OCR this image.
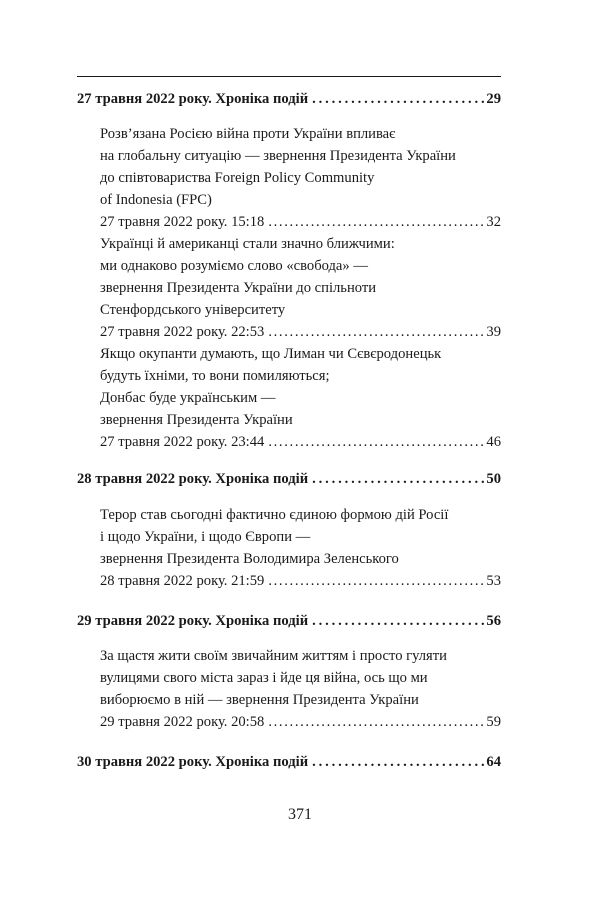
27 травня 2022 року. Хроніка подій . . .	29
Розв’язана Росією війна проти України впливає
на глобальну ситуацію — звернення Президента України
до співтовариства Foreign Policy Community
of Indonesia (FPC)
27 травня 2022 року. 15:18 . . .	32
Українці й американці стали значно ближчими:
ми однаково розуміємо слово «свобода» —
звернення Президента України до спільноти
Стенфордського університету
27 травня 2022 року. 22:53 . . .	39
Якщо окупанти думають, що Лиман чи Сєвєродонецьк
будуть їхніми, то вони помиляються;
Донбас буде українським —
звернення Президента України
27 травня 2022 року. 23:44 . . .	46
28 травня 2022 року. Хроніка подій . . .	50
Терор став сьогодні фактично єдиною формою дій Росії
і щодо України, і щодо Європи —
звернення Президента Володимира Зеленського
28 травня 2022 року. 21:59 . . .	53
29 травня 2022 року. Хроніка подій . . .	56
За щастя жити своїм звичайним життям і просто гуляти
вулицями свого міста зараз і йде ця війна, ось що ми
виборюємо в ній — звернення Президента України
29 травня 2022 року. 20:58 . . .	59
30 травня 2022 року. Хроніка подій . . .	64
371
